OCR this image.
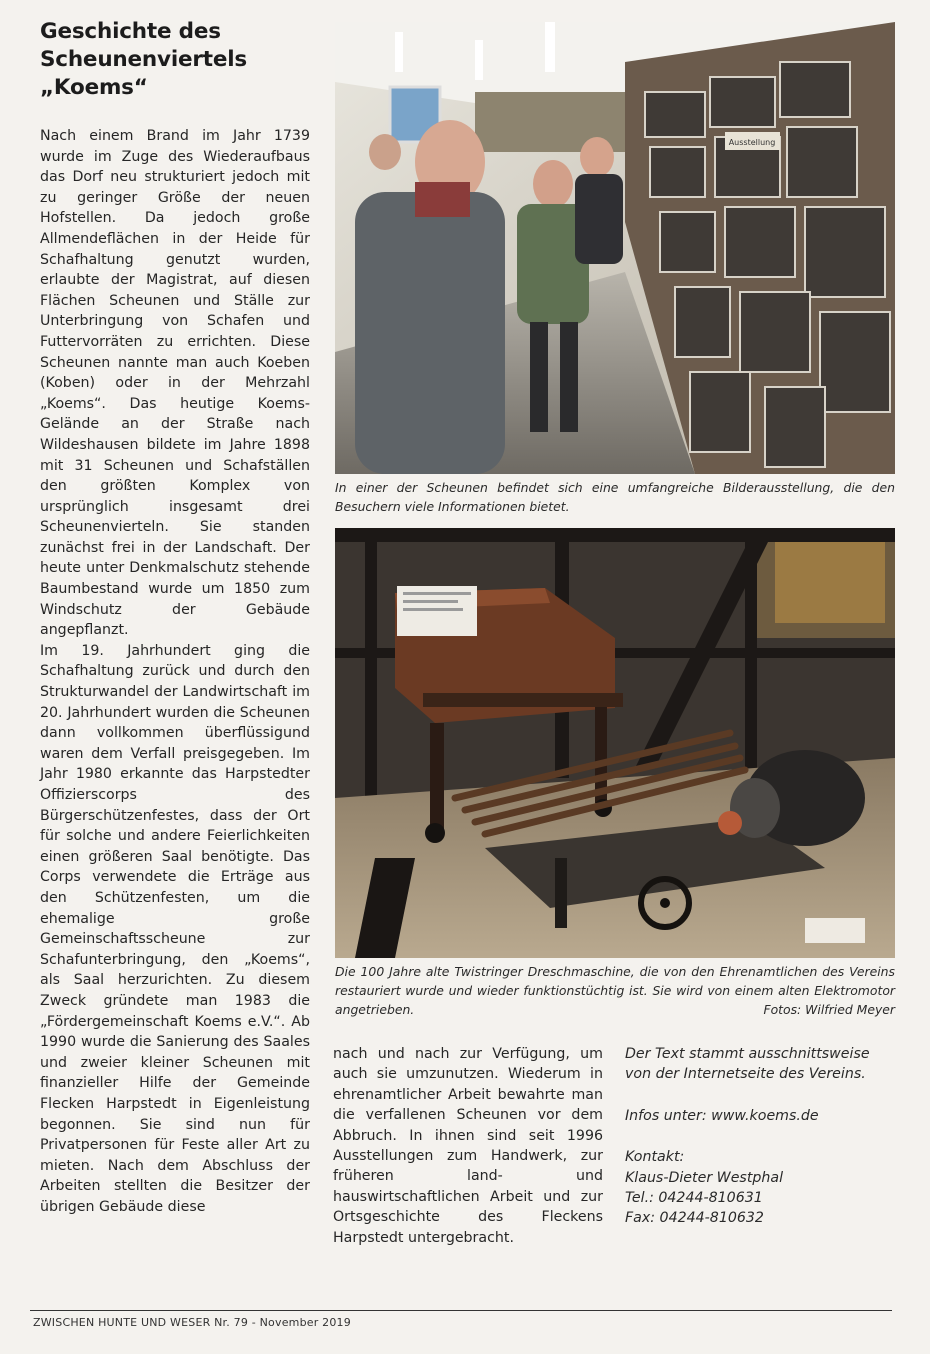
Geschichte des
Scheunenviertels „Koems“

Nach einem Brand im Jahr 1739 wurde im Zuge des Wiederaufbaus das Dorf neu strukturiert jedoch mit zu geringer Größe der neuen Hofstellen. Da jedoch große Allmendeflächen in der Heide für Schafhaltung genutzt wurden, erlaubte der Magistrat, auf diesen Flächen Scheunen und Ställe zur Unterbringung von Schafen und Futtervorräten zu errichten. Diese Scheunen nannte man auch Koeben (Koben) oder in der Mehrzahl „Koems“. Das heutige Koems-Gelände an der Straße nach Wildeshausen bildete im Jahre 1898 mit 31 Scheunen und Schafställen den größten Komplex von ursprünglich insgesamt drei Scheunenvierteln. Sie standen zunächst frei in der Landschaft. Der heute unter Denkmalschutz stehende Baumbestand wurde um 1850 zum Windschutz der Gebäude angepflanzt.

Im 19. Jahrhundert ging die Schafhaltung zurück und durch den Strukturwandel der Landwirtschaft im 20. Jahrhundert wurden die Scheunen dann vollkommen überflüssigund waren dem Verfall preisgegeben. Im Jahr 1980 erkannte das Harpstedter Offizierscorps des Bürgerschützenfestes, dass der Ort für solche und andere Feierlichkeiten einen größeren Saal benötigte. Das Corps verwendete die Erträge aus den Schützenfesten, um die ehemalige große Gemeinschaftsscheune zur Schafunterbringung, den „Koems“, als Saal herzurichten. Zu diesem Zweck gründete man 1983 die „Fördergemeinschaft Koems e.V.“. Ab 1990 wurde die Sanierung des Saales und zweier kleiner Scheunen mit finanzieller Hilfe der Gemeinde Flecken Harpstedt in Eigenleistung begonnen. Sie sind nun für Privatpersonen für Feste aller Art zu mieten. Nach dem Abschluss der Arbeiten stellten die Besitzer der übrigen Gebäude diese

Ausstellung
In einer der Scheunen befindet sich eine umfangreiche Bilderausstellung, die den Besuchern viele Informationen bietet.
Die 100 Jahre alte Twistringer Dreschmaschine, die von den Ehrenamtlichen des Vereins restauriert wurde und wieder funktionstüchtig ist. Sie wird von einem alten Elektromotor angetrieben.	Fotos: Wilfried Meyer

nach und nach zur Verfügung, um auch sie umzunutzen. Wiederum in ehrenamtlicher Arbeit bewahrte man die verfallenen Scheunen vor dem Abbruch. In ihnen sind seit 1996 Ausstellungen zum Handwerk, zur früheren land- und hauswirtschaftlichen Arbeit und zur Ortsgeschichte des Fleckens Harpstedt untergebracht.

Der Text stammt ausschnittsweise von der Internetseite des Vereins.

Infos unter: www.koems.de

Kontakt:

Klaus-Dieter Westphal

Tel.: 04244-810631

Fax: 04244-810632

ZWISCHEN HUNTE UND WESER Nr. 79 - November 2019
